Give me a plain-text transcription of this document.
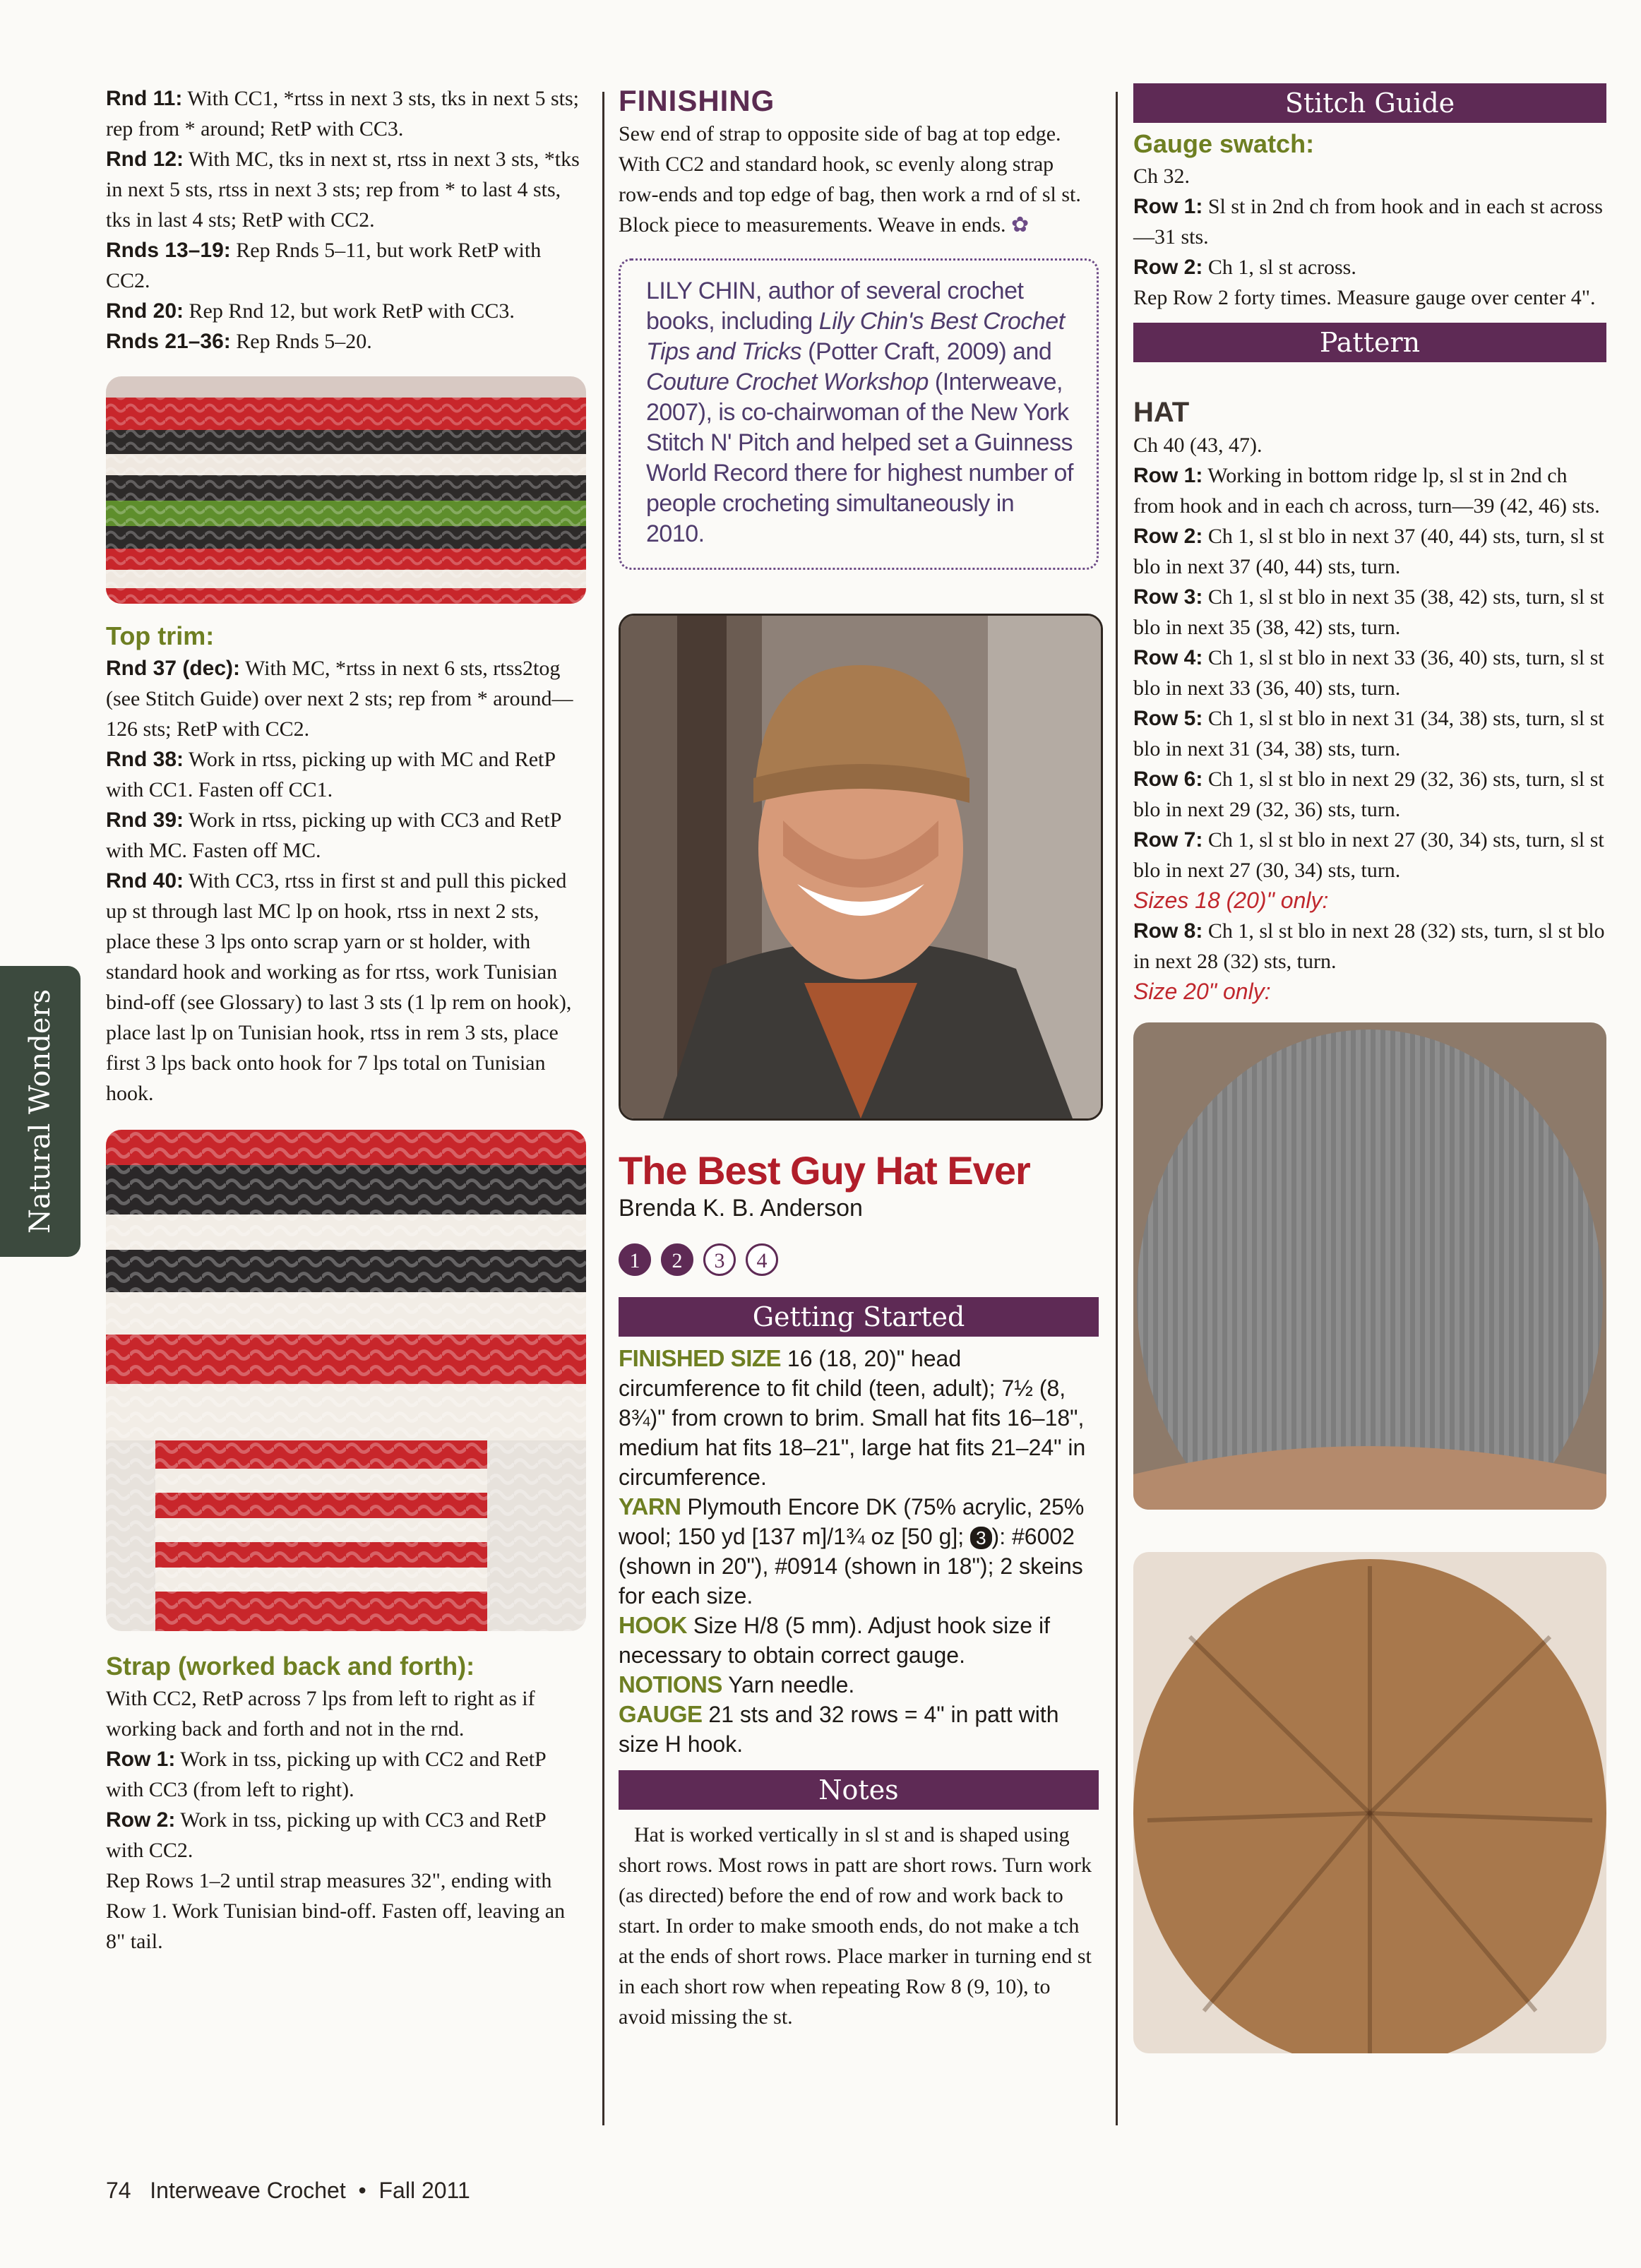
Natural Wonders

Rnd 11: With CC1, *rtss in next 3 sts, tks in next 5 sts; rep from * around; RetP with CC3.

Rnd 12: With MC, tks in next st, rtss in next 3 sts, *tks in next 5 sts, rtss in next 3 sts; rep from * to last 4 sts, tks in last 4 sts; RetP with CC2.

Rnds 13–19: Rep Rnds 5–11, but work RetP with CC2.

Rnd 20: Rep Rnd 12, but work RetP with CC3.

Rnds 21–36: Rep Rnds 5–20.

Top trim:

Rnd 37 (dec): With MC, *rtss in next 6 sts, rtss2tog (see Stitch Guide) over next 2 sts; rep from * around—126 sts; RetP with CC2.

Rnd 38: Work in rtss, picking up with MC and RetP with CC1. Fasten off CC1.

Rnd 39: Work in rtss, picking up with CC3 and RetP with MC. Fasten off MC.

Rnd 40: With CC3, rtss in first st and pull this picked up st through last MC lp on hook, rtss in next 2 sts, place these 3 lps onto scrap yarn or st holder, with standard hook and working as for rtss, work Tunisian bind-off (see Glossary) to last 3 sts (1 lp rem on hook), place last lp on Tunisian hook, rtss in rem 3 sts, place first 3 lps back onto hook for 7 lps total on Tunisian hook.

Strap (worked back and forth):

With CC2, RetP across 7 lps from left to right as if working back and forth and not in the rnd.

Row 1: Work in tss, picking up with CC2 and RetP with CC3 (from left to right).

Row 2: Work in tss, picking up with CC3 and RetP with CC2.

Rep Rows 1–2 until strap measures 32", ending with Row 1. Work Tunisian bind-off. Fasten off, leaving an 8" tail.

FINISHING

Sew end of strap to opposite side of bag at top edge. With CC2 and standard hook, sc evenly along strap row-ends and top edge of bag, then work a rnd of sl st. Block piece to measurements. Weave in ends. ✿

LILY CHIN, author of several crochet books, including Lily Chin's Best Crochet Tips and Tricks (Potter Craft, 2009) and Couture Crochet Workshop (Interweave, 2007), is co-chairwoman of the New York Stitch N' Pitch and helped set a Guinness World Record there for highest number of people crocheting simultaneously in 2010.

The Best Guy Hat Ever

Brenda K. B. Anderson

1 2 3 4
Getting Started

FINISHED SIZE 16 (18, 20)" head circumference to fit child (teen, adult); 7½ (8, 8¾)" from crown to brim. Small hat fits 16–18", medium hat fits 18–21", large hat fits 21–24" in circumference.

YARN Plymouth Encore DK (75% acrylic, 25% wool; 150 yd [137 m]/1¾ oz [50 g]; 3 ): #6002 (shown in 20"), #0914 (shown in 18"); 2 skeins for each size.

HOOK Size H/8 (5 mm). Adjust hook size if necessary to obtain correct gauge.

NOTIONS Yarn needle.

GAUGE 21 sts and 32 rows = 4" in patt with size H hook.

Notes

Hat is worked vertically in sl st and is shaped using short rows. Most rows in patt are short rows. Turn work (as directed) before the end of row and work back to start. In order to make smooth ends, do not make a tch at the ends of short rows. Place marker in turning end st in each short row when repeating Row 8 (9, 10), to avoid missing the st.

Stitch Guide

Gauge swatch:

Ch 32.

Row 1: Sl st in 2nd ch from hook and in each st across—31 sts.

Row 2: Ch 1, sl st across.

Rep Row 2 forty times. Measure gauge over center 4".

Pattern

HAT

Ch 40 (43, 47).

Row 1: Working in bottom ridge lp, sl st in 2nd ch from hook and in each ch across, turn—39 (42, 46) sts.

Row 2: Ch 1, sl st blo in next 37 (40, 44) sts, turn, sl st blo in next 37 (40, 44) sts, turn.

Row 3: Ch 1, sl st blo in next 35 (38, 42) sts, turn, sl st blo in next 35 (38, 42) sts, turn.

Row 4: Ch 1, sl st blo in next 33 (36, 40) sts, turn, sl st blo in next 33 (36, 40) sts, turn.

Row 5: Ch 1, sl st blo in next 31 (34, 38) sts, turn, sl st blo in next 31 (34, 38) sts, turn.

Row 6: Ch 1, sl st blo in next 29 (32, 36) sts, turn, sl st blo in next 29 (32, 36) sts, turn.

Row 7: Ch 1, sl st blo in next 27 (30, 34) sts, turn, sl st blo in next 27 (30, 34) sts, turn.

Sizes 18 (20)" only:

Row 8: Ch 1, sl st blo in next 28 (32) sts, turn, sl st blo in next 28 (32) sts, turn.

Size 20" only:

74 Interweave Crochet • Fall 2011
